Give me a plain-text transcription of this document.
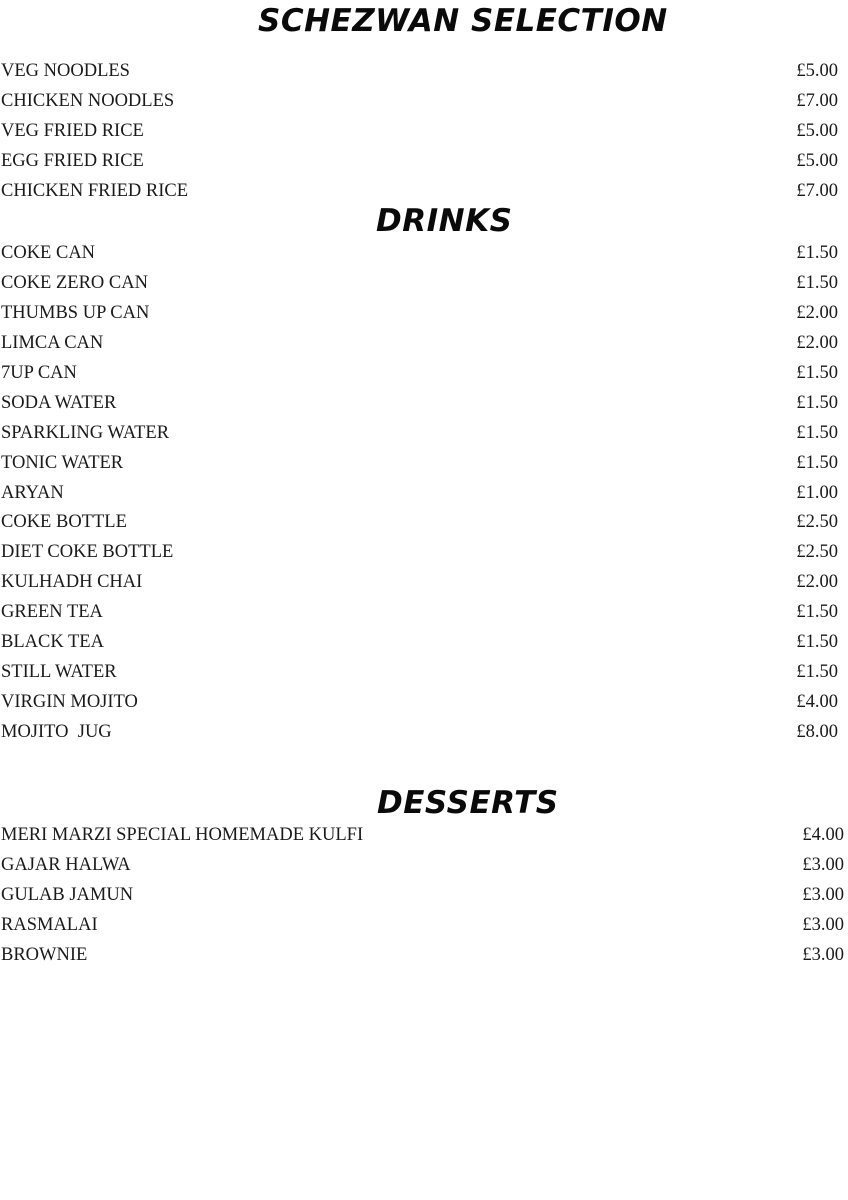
SCHEZWAN SELECTION
VEG NOODLES	£5.00
CHICKEN NOODLES	£7.00
VEG FRIED RICE	£5.00
EGG FRIED RICE	£5.00
CHICKEN FRIED RICE	£7.00
DRINKS
COKE CAN	£1.50
COKE ZERO CAN	£1.50
THUMBS UP CAN	£2.00
LIMCA CAN	£2.00
7UP CAN	£1.50
SODA WATER	£1.50
SPARKLING WATER	£1.50
TONIC WATER	£1.50
ARYAN	£1.00
COKE BOTTLE	£2.50
DIET COKE BOTTLE	£2.50
KULHADH CHAI	£2.00
GREEN TEA	£1.50
BLACK TEA	£1.50
STILL WATER	£1.50
VIRGIN MOJITO	£4.00
MOJITO  JUG	£8.00
DESSERTS
MERI MARZI SPECIAL HOMEMADE KULFI	£4.00
GAJAR HALWA	£3.00
GULAB JAMUN	£3.00
RASMALAI	£3.00
BROWNIE	£3.00
